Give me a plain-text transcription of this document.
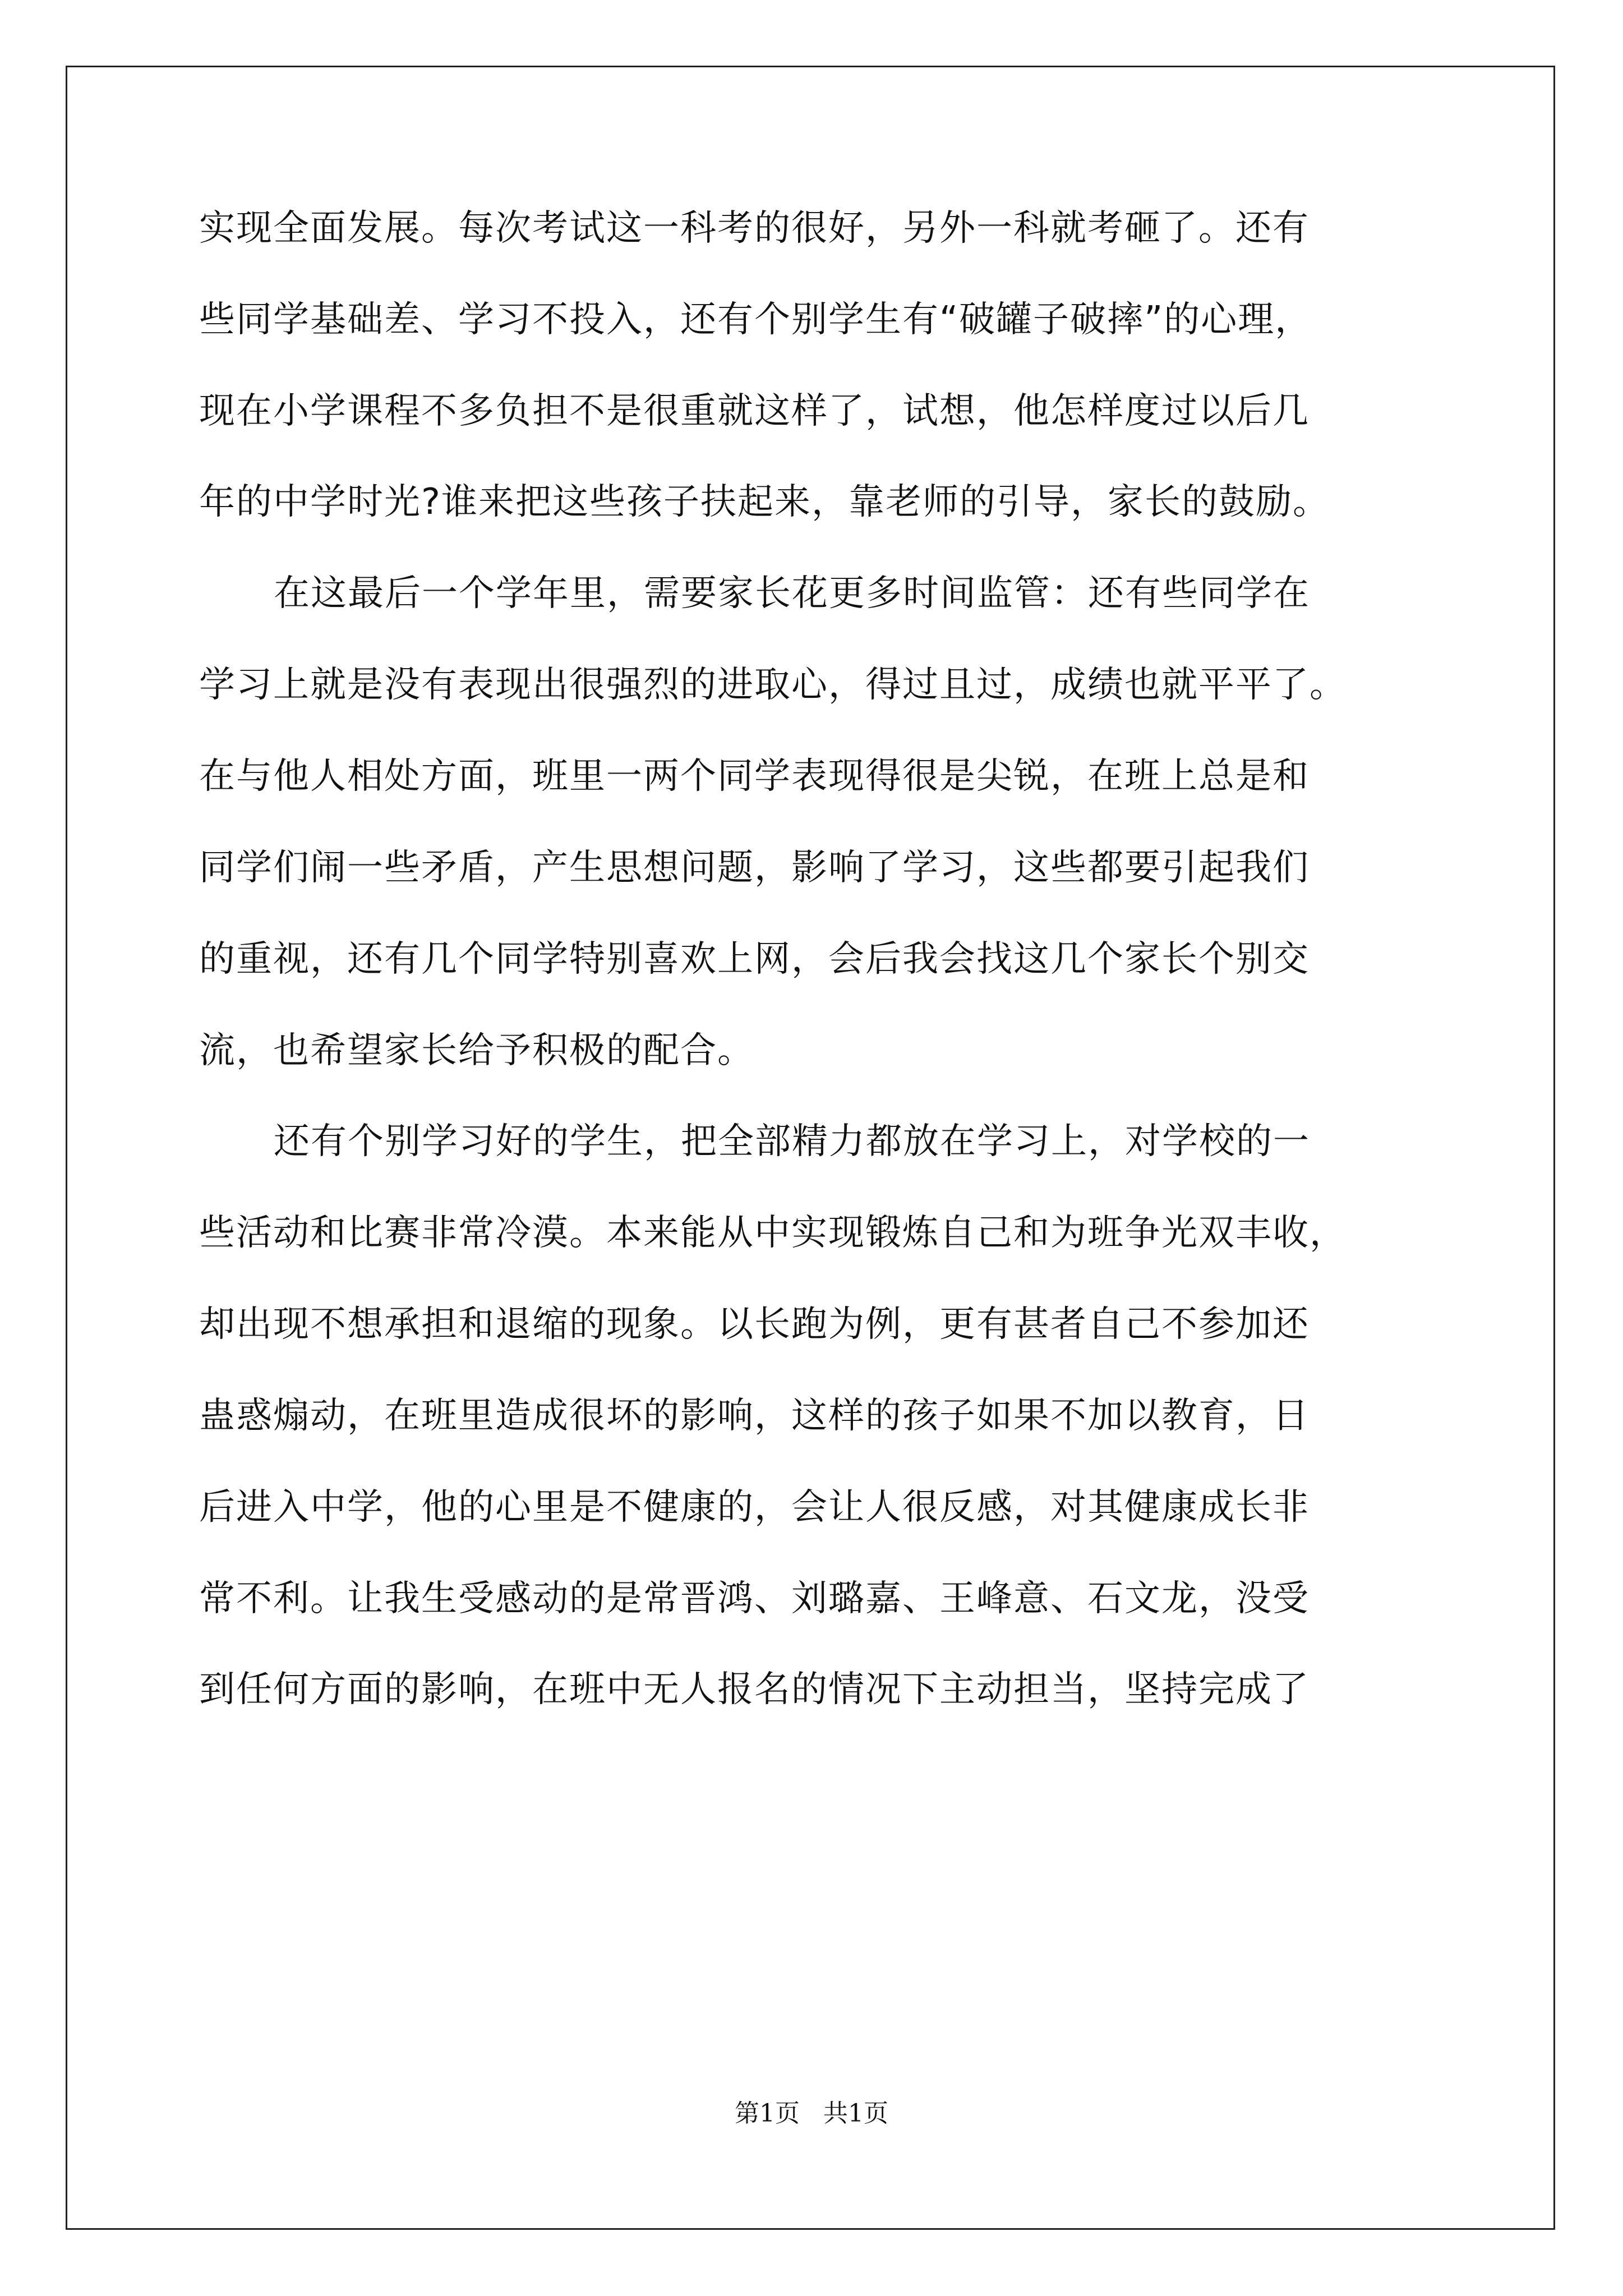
实现全面发展。每次考试这一科考的很好，另外一科就考砸了。还有
些同学基础差、学习不投入，还有个别学生有“破罐子破摔”的心理，
现在小学课程不多负担不是很重就这样了，试想，他怎样度过以后几
年的中学时光?谁来把这些孩子扶起来，靠老师的引导，家长的鼓励。
在这最后一个学年里，需要家长花更多时间监管：还有些同学在
学习上就是没有表现出很强烈的进取心，得过且过，成绩也就平平了。
在与他人相处方面，班里一两个同学表现得很是尖锐，在班上总是和
同学们闹一些矛盾，产生思想问题，影响了学习，这些都要引起我们
的重视，还有几个同学特别喜欢上网，会后我会找这几个家长个别交
流，也希望家长给予积极的配合。
还有个别学习好的学生，把全部精力都放在学习上，对学校的一
些活动和比赛非常冷漠。本来能从中实现锻炼自己和为班争光双丰收，
却出现不想承担和退缩的现象。以长跑为例，更有甚者自己不参加还
蛊惑煽动，在班里造成很坏的影响，这样的孩子如果不加以教育，日
后进入中学，他的心里是不健康的，会让人很反感，对其健康成长非
常不利。让我生受感动的是常晋鸿、刘璐嘉、王峰意、石文龙，没受
到任何方面的影响，在班中无人报名的情况下主动担当，坚持完成了
第1页   共1页
